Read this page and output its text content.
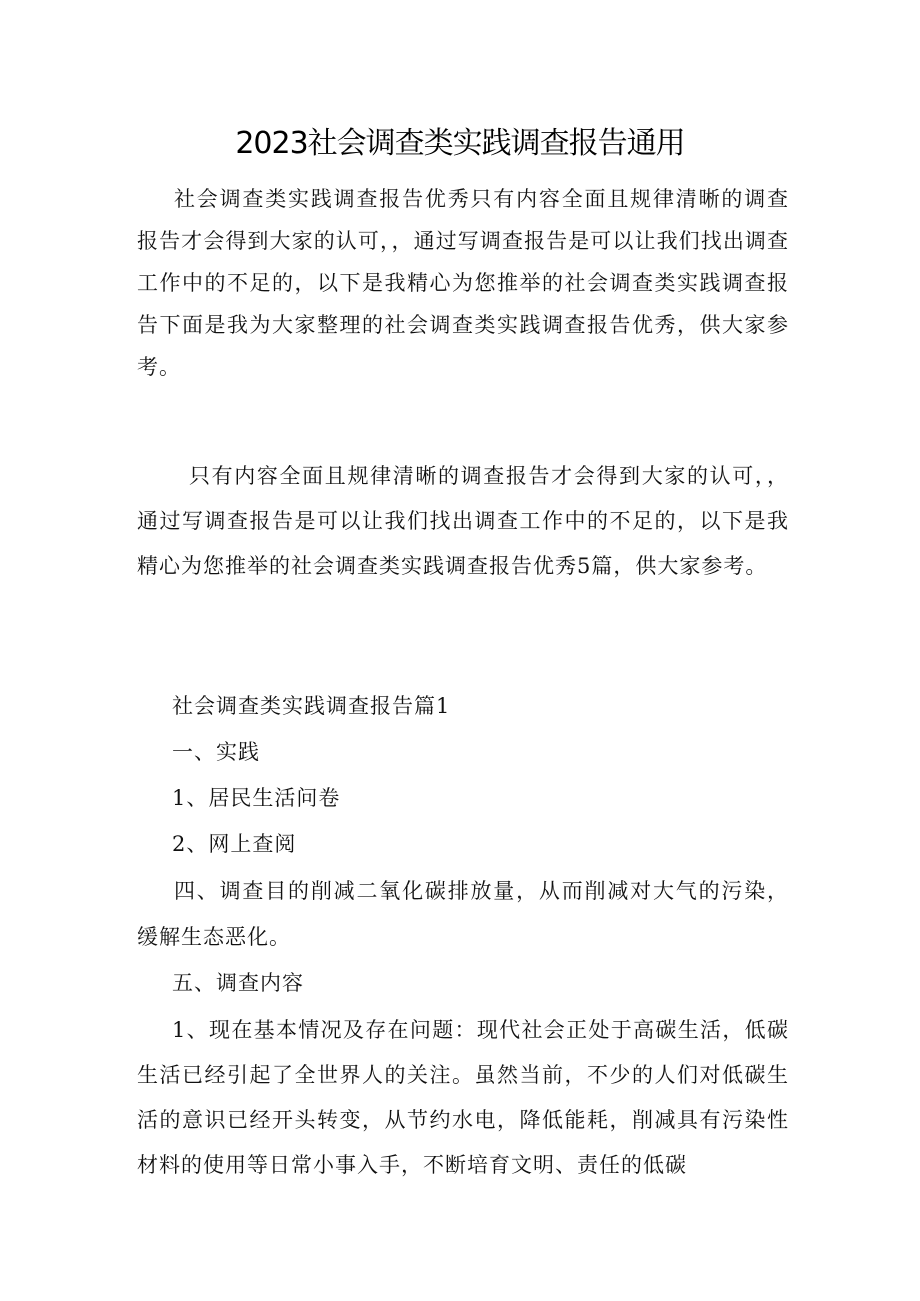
2023社会调查类实践调查报告通用

社会调查类实践调查报告优秀只有内容全面且规律清晰的调查报告才会得到大家的认可，，通过写调查报告是可以让我们找出调查工作中的不足的，以下是我精心为您推举的社会调查类实践调查报告下面是我为大家整理的社会调查类实践调查报告优秀，供大家参考。

只有内容全面且规律清晰的调查报告才会得到大家的认可，，通过写调查报告是可以让我们找出调查工作中的不足的，以下是我精心为您推举的社会调查类实践调查报告优秀5篇，供大家参考。

社会调查类实践调查报告篇1

一、实践

1、居民生活问卷

2、网上查阅

四、调查目的削减二氧化碳排放量，从而削减对大气的污染，缓解生态恶化。

五、调查内容

1、现在基本情况及存在问题：现代社会正处于高碳生活，低碳生活已经引起了全世界人的关注。虽然当前，不少的人们对低碳生活的意识已经开头转变，从节约水电，降低能耗，削减具有污染性材料的使用等日常小事入手，不断培育文明、责任的低碳
